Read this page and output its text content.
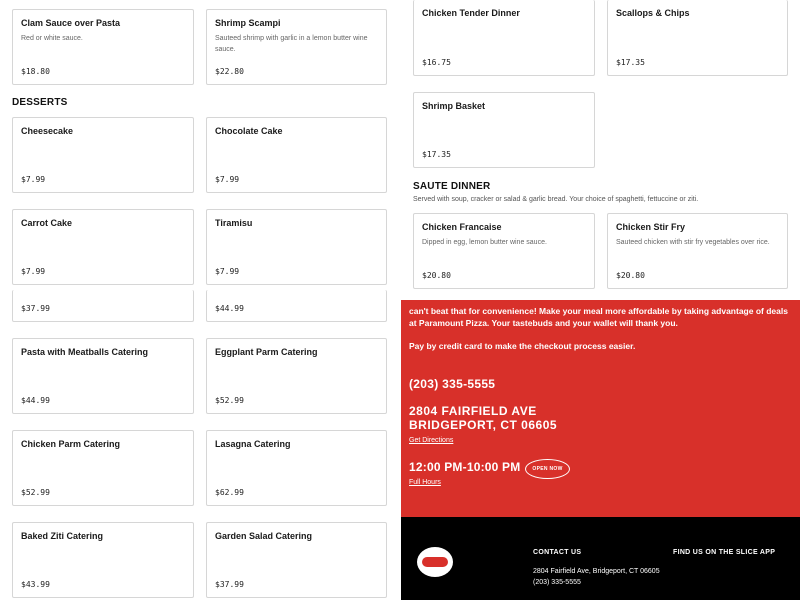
Clam Sauce over Pasta
Red or white sauce.
$18.80
Shrimp Scampi
Sauteed shrimp with garlic in a lemon butter wine sauce.
$22.80
DESSERTS
Cheesecake
$7.99
Chocolate Cake
$7.99
Carrot Cake
$7.99
Tiramisu
$7.99
$37.99	$44.99
Pasta with Meatballs Catering
$44.99
Eggplant Parm Catering
$52.99
Chicken Parm Catering
$52.99
Lasagna Catering
$62.99
Baked Ziti Catering
$43.99
Garden Salad Catering
$37.99
Chicken Tender Dinner
$16.75
Scallops & Chips
$17.35
Shrimp Basket
$17.35
SAUTE DINNER
Served with soup, cracker or salad & garlic bread. Your choice of spaghetti, fettuccine or ziti.
Chicken Francaise
Dipped in egg, lemon butter wine sauce.
$20.80
Chicken Stir Fry
Sauteed chicken with stir fry vegetables over rice.
$20.80
can't beat that for convenience! Make your meal more affordable by taking advantage of deals at Paramount Pizza. Your tastebuds and your wallet will thank you.
Pay by credit card to make the checkout process easier.
(203) 335-5555
2804 FAIRFIELD AVE
BRIDGEPORT, CT 06605
Get Directions
12:00 PM-10:00 PM	OPEN NOW
Full Hours
CONTACT US	FIND US ON THE SLICE APP
2804 Fairfield Ave, Bridgeport, CT 06605
(203) 335-5555
